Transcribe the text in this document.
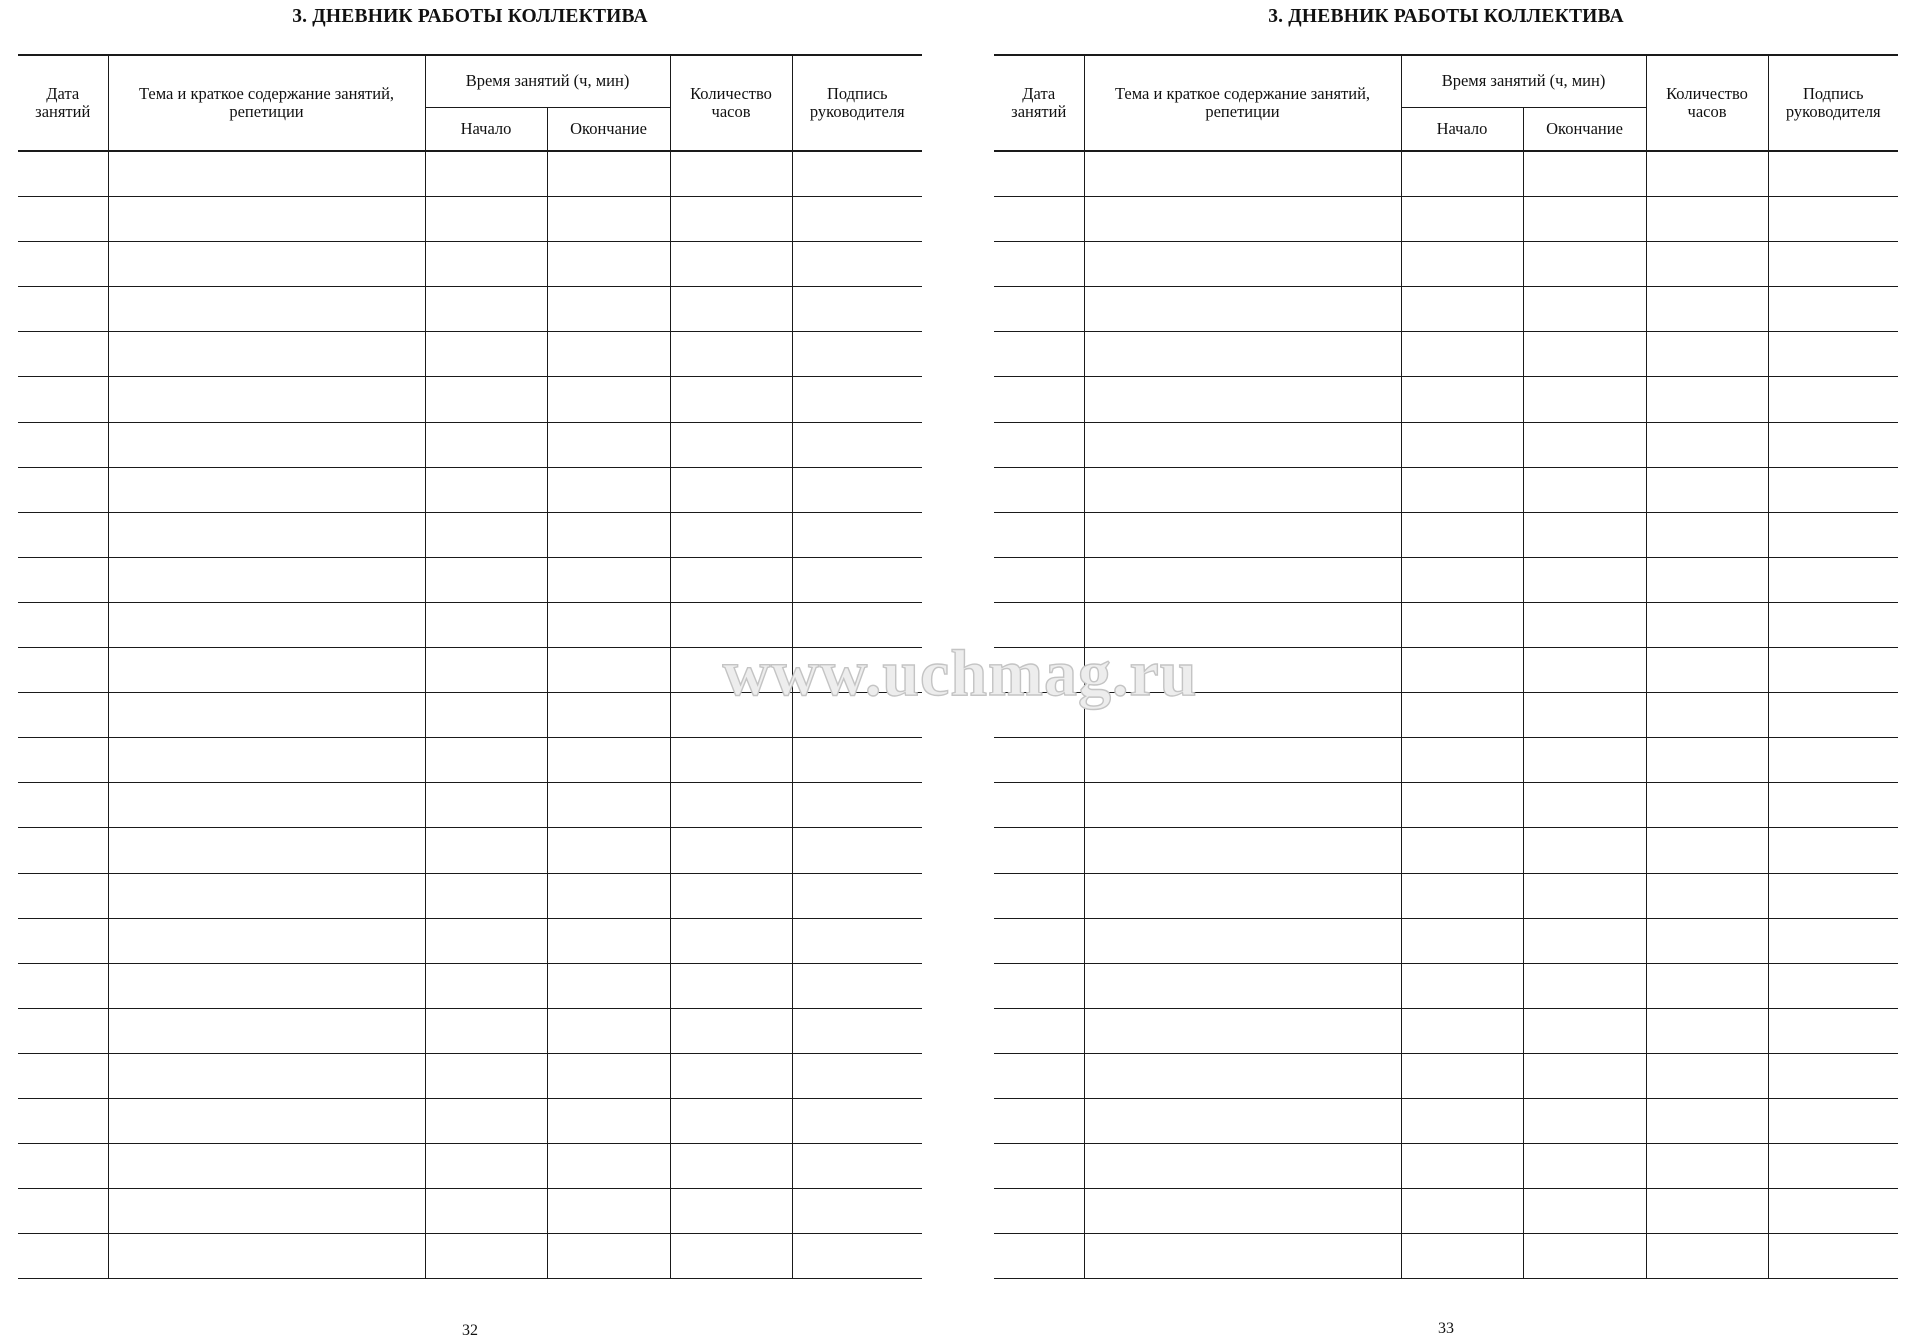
3. ДНЕВНИК РАБОТЫ КОЛЛЕКТИВА
Дата занятий	Тема и краткое содержание занятий, репетиции	Время занятий (ч, мин)		Количество часов	Подпись руководителя
		Начало	Окончание		

32
3. ДНЕВНИК РАБОТЫ КОЛЛЕКТИВА
Дата занятий	Тема и краткое содержание занятий, репетиции	Время занятий (ч, мин)		Количество часов	Подпись руководителя
		Начало	Окончание		

33
www.uchmag.ru
